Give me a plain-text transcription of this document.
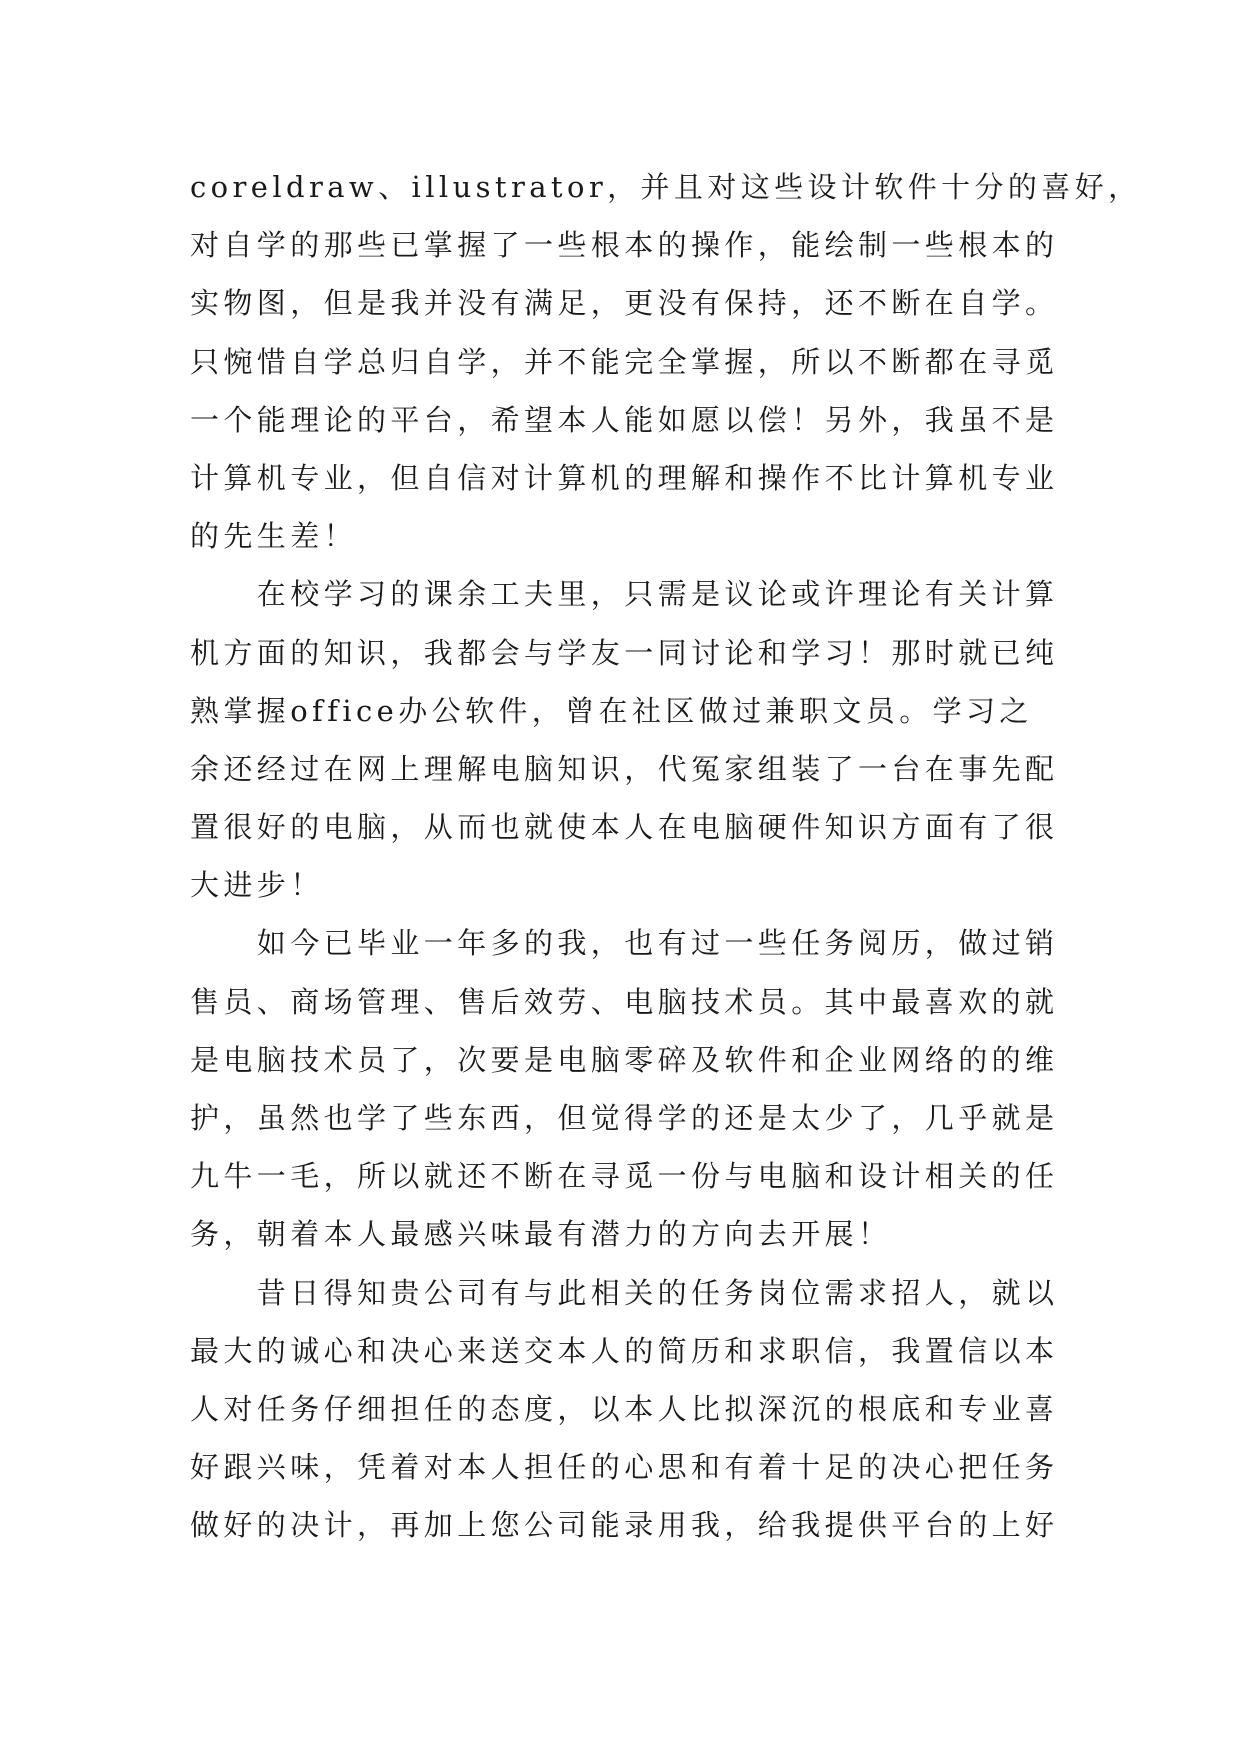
coreldraw、illustrator，并且对这些设计软件十分的喜好，
对自学的那些已掌握了一些根本的操作，能绘制一些根本的
实物图，但是我并没有满足，更没有保持，还不断在自学。
只惋惜自学总归自学，并不能完全掌握，所以不断都在寻觅
一个能理论的平台，希望本人能如愿以偿！另外，我虽不是
计算机专业，但自信对计算机的理解和操作不比计算机专业
的先生差！
　　在校学习的课余工夫里，只需是议论或许理论有关计算
机方面的知识，我都会与学友一同讨论和学习！那时就已纯
熟掌握office办公软件，曾在社区做过兼职文员。学习之
余还经过在网上理解电脑知识，代冤家组装了一台在事先配
置很好的电脑，从而也就使本人在电脑硬件知识方面有了很
大进步！
　　如今已毕业一年多的我，也有过一些任务阅历，做过销
售员、商场管理、售后效劳、电脑技术员。其中最喜欢的就
是电脑技术员了，次要是电脑零碎及软件和企业网络的的维
护，虽然也学了些东西，但觉得学的还是太少了，几乎就是
九牛一毛，所以就还不断在寻觅一份与电脑和设计相关的任
务，朝着本人最感兴味最有潜力的方向去开展！
　　昔日得知贵公司有与此相关的任务岗位需求招人，就以
最大的诚心和决心来送交本人的简历和求职信，我置信以本
人对任务仔细担任的态度，以本人比拟深沉的根底和专业喜
好跟兴味，凭着对本人担任的心思和有着十足的决心把任务
做好的决计，再加上您公司能录用我，给我提供平台的上好
